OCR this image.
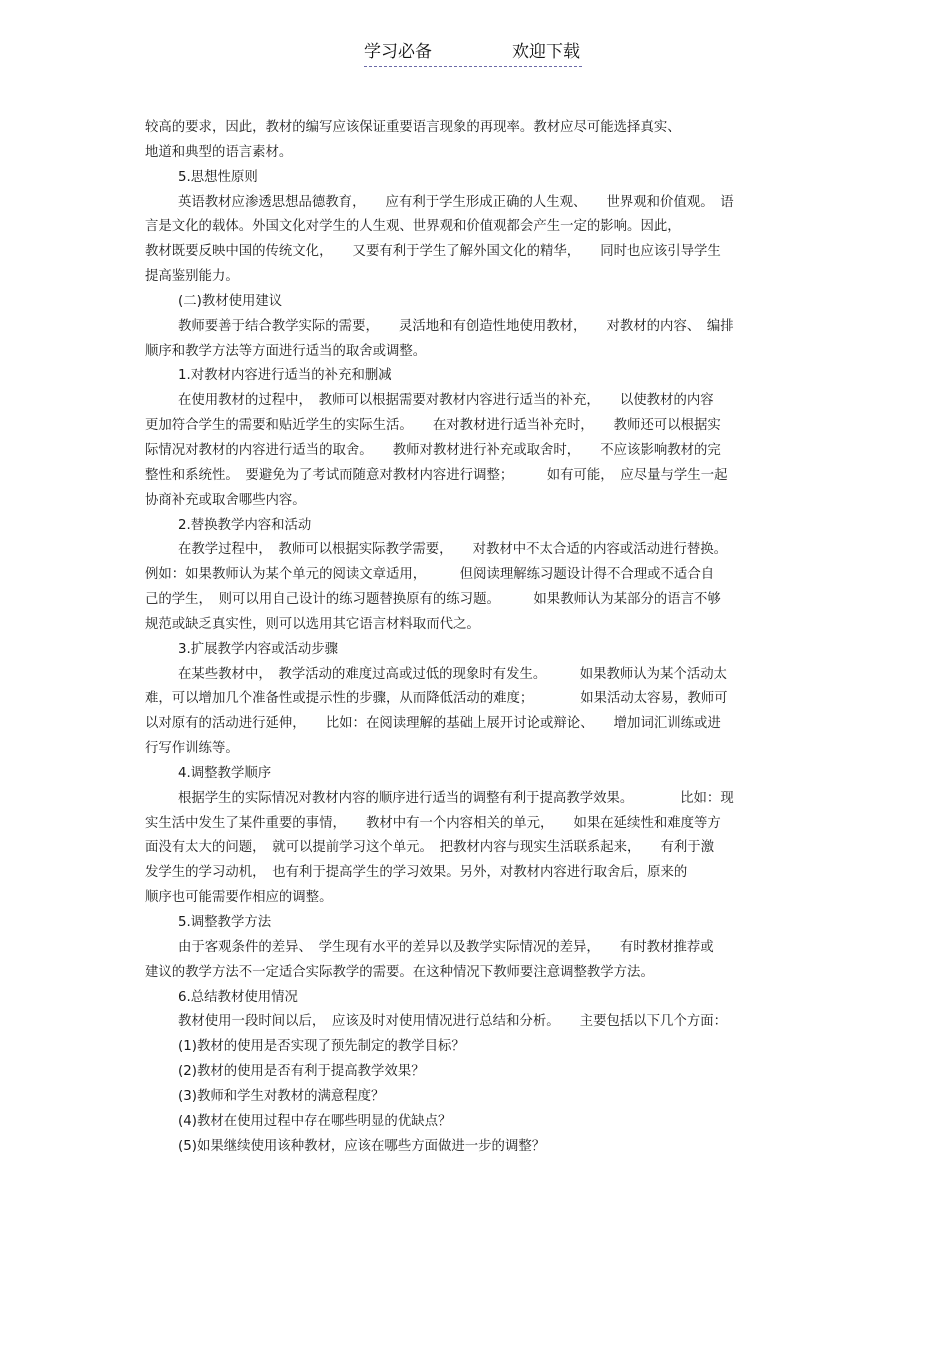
学习必备	欢迎下载
较高的要求，因此，教材的编写应该保证重要语言现象的再现率。教材应尽可能选择真实、
地道和典型的语言素材。
5.思想性原则
英语教材应渗透思想品德教育，　　应有利于学生形成正确的人生观、　　世界观和价值观。　语
言是文化的载体。外国文化对学生的人生观、世界观和价值观都会产生一定的影响。因此，
教材既要反映中国的传统文化，　　又要有利于学生了解外国文化的精华，　　同时也应该引导学生
提高鉴别能力。
(二)教材使用建议
教师要善于结合教学实际的需要，　　灵活地和有创造性地使用教材，　　对教材的内容、　编排
顺序和教学方法等方面进行适当的取舍或调整。
1.对教材内容进行适当的补充和删减
在使用教材的过程中，　教师可以根据需要对教材内容进行适当的补充，　　以使教材的内容
更加符合学生的需要和贴近学生的实际生活。　　在对教材进行适当补充时，　　教师还可以根据实
际情况对教材的内容进行适当的取舍。　　教师对教材进行补充或取舍时，　　不应该影响教材的完
整性和系统性。　要避免为了考试而随意对教材内容进行调整；　　　如有可能，　应尽量与学生一起
协商补充或取舍哪些内容。
2.替换教学内容和活动
在教学过程中，　教师可以根据实际教学需要，　　对教材中不太合适的内容或活动进行替换。
例如：如果教师认为某个单元的阅读文章适用，　　　但阅读理解练习题设计得不合理或不适合自
己的学生，　则可以用自己设计的练习题替换原有的练习题。　　　如果教师认为某部分的语言不够
规范或缺乏真实性，则可以选用其它语言材料取而代之。
3.扩展教学内容或活动步骤
在某些教材中，　教学活动的难度过高或过低的现象时有发生。　　　如果教师认为某个活动太
难，可以增加几个准备性或提示性的步骤，从而降低活动的难度；　　　　如果活动太容易，教师可
以对原有的活动进行延伸，　　比如：在阅读理解的基础上展开讨论或辩论、　　增加词汇训练或进
行写作训练等。
4.调整教学顺序
根据学生的实际情况对教材内容的顺序进行适当的调整有利于提高教学效果。　　　　比如：现
实生活中发生了某件重要的事情，　　教材中有一个内容相关的单元，　　如果在延续性和难度等方
面没有太大的问题，　就可以提前学习这个单元。　把教材内容与现实生活联系起来，　　有利于激
发学生的学习动机，　也有利于提高学生的学习效果。另外，对教材内容进行取舍后，原来的
顺序也可能需要作相应的调整。
5.调整教学方法
由于客观条件的差异、　学生现有水平的差异以及教学实际情况的差异，　　有时教材推荐或
建议的教学方法不一定适合实际教学的需要。在这种情况下教师要注意调整教学方法。
6.总结教材使用情况
教材使用一段时间以后，　应该及时对使用情况进行总结和分析。　　主要包括以下几个方面：
(1)教材的使用是否实现了预先制定的教学目标？
(2)教材的使用是否有利于提高教学效果？
(3)教师和学生对教材的满意程度？
(4)教材在使用过程中存在哪些明显的优缺点？
(5)如果继续使用该种教材，应该在哪些方面做进一步的调整？
